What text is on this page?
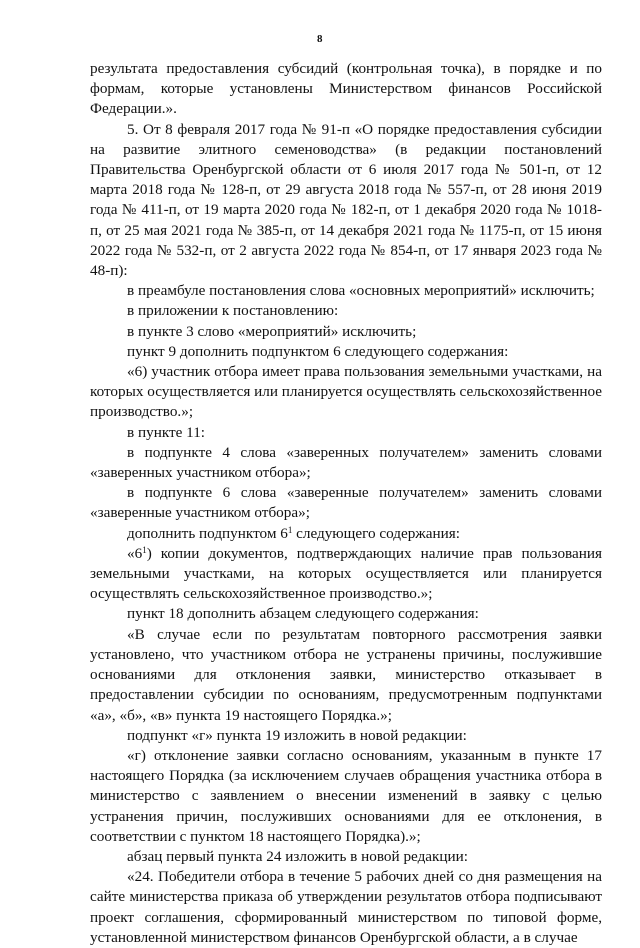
8

результата предоставления субсидий (контрольная точка), в порядке и по формам, которые установлены Министерством финансов Российской Федерации.».

5. От 8 февраля 2017 года № 91-п «О порядке предоставления субсидии на развитие элитного семеноводства» (в редакции постановлений Правительства Оренбургской области от 6 июля 2017 года № 501-п, от 12 марта 2018 года № 128-п, от 29 августа 2018 года № 557-п, от 28 июня 2019 года № 411-п, от 19 марта 2020 года № 182-п, от 1 декабря 2020 года № 1018-п, от 25 мая 2021 года № 385-п, от 14 декабря 2021 года № 1175-п, от 15 июня 2022 года № 532-п, от 2 августа 2022 года № 854-п, от 17 января 2023 года № 48-п):

в преамбуле постановления слова «основных мероприятий» исключить;

в приложении к постановлению:

в пункте 3 слово «мероприятий» исключить;

пункт 9 дополнить подпунктом 6 следующего содержания:

«6) участник отбора имеет права пользования земельными участками, на которых осуществляется или планируется осуществлять сельскохозяйственное производство.»;

в пункте 11:

в подпункте 4 слова «заверенных получателем» заменить словами «заверенных участником отбора»;

в подпункте 6 слова «заверенные получателем» заменить словами «заверенные участником отбора»;

дополнить подпунктом $6^1$ следующего содержания:

«$6^1$) копии документов, подтверждающих наличие прав пользования земельными участками, на которых осуществляется или планируется осуществлять сельскохозяйственное производство.»;

пункт 18 дополнить абзацем следующего содержания:

«В случае если по результатам повторного рассмотрения заявки установлено, что участником отбора не устранены причины, послужившие основаниями для отклонения заявки, министерство отказывает в предоставлении субсидии по основаниям, предусмотренным подпунктами «а», «б», «в» пункта 19 настоящего Порядка.»;

подпункт «г» пункта 19 изложить в новой редакции:

«г) отклонение заявки согласно основаниям, указанным в пункте 17 настоящего Порядка (за исключением случаев обращения участника отбора в министерство с заявлением о внесении изменений в заявку с целью устранения причин, послуживших основаниями для ее отклонения, в соответствии с пунктом 18 настоящего Порядка).»;

абзац первый пункта 24 изложить в новой редакции:

«24. Победители отбора в течение 5 рабочих дней со дня размещения на сайте министерства приказа об утверждении результатов отбора подписывают проект соглашения, сформированный министерством по типовой форме, установленной министерством финансов Оренбургской области, а в случае
